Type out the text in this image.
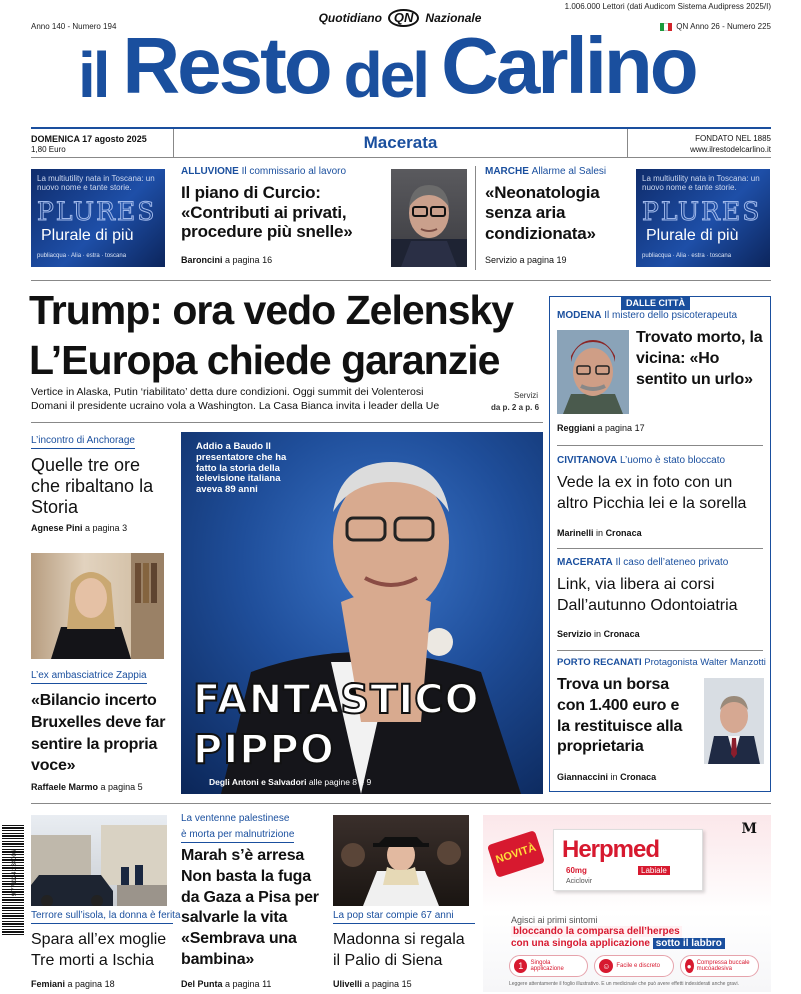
Anno 140 - Numero 194
1.006.000 Lettori (dati Audicom Sistema Audipress 2025/I)
Quotidiano QN	Nazionale
QN Anno 26 - Numero 225
il Resto del Carlino
DOMENICA 17 agosto 2025
1,80 Euro	Macerata	FONDATO NEL 1885
www.ilrestodelcarlino.it
La multiutility nata in Toscana: un nuovo nome e tante storie.
PLURES
Plurale di più
publiacqua · Alia · estra · toscana
ALLUVIONE Il commissario al lavoro
Il piano di Curcio: «Contributi ai privati, procedure più snelle»
Baroncini a pagina 16
MARCHE Allarme al Salesi
«Neonatologia senza aria condizionata»
Servizio a pagina 19
La multiutility nata in Toscana: un nuovo nome e tante storie.
PLURES
Plurale di più
publiacqua · Alia · estra · toscana
Trump: ora vedo Zelensky
L’Europa chiede garanzie
Vertice in Alaska, Putin ‘riabilitato’ detta dure condizioni. Oggi summit dei Volenterosi
Domani il presidente ucraino vola a Washington. La Casa Bianca invita i leader della Ue
Servizi
da p. 2 a p. 6
L’incontro di Anchorage
Quelle tre ore che ribaltano la Storia
Agnese Pini a pagina 3
L’ex ambasciatrice Zappia
«Bilancio incerto Bruxelles deve far sentire la propria voce»
Raffaele Marmo a pagina 5
Addio a Baudo Il presentatore che ha fatto la storia della televisione italiana aveva 89 anni
FANTASTICO
PIPPO
Degli Antoni e Salvadori alle pagine 8 e 9
DALLE CITTÀ
MODENA Il mistero dello psicoterapeuta
Trovato morto, la vicina: «Ho sentito un urlo»
Reggiani a pagina 17
CIVITANOVA L’uomo è stato bloccato
Vede la ex in foto con un altro Picchia lei e la sorella
Marinelli in Cronaca
MACERATA Il caso dell’ateneo privato
Link, via libera ai corsi Dall’autunno Odontoiatria
Servizio in Cronaca
PORTO RECANATI Protagonista Walter Manzotti
Trova un borsa con 1.400 euro e la restituisce alla proprietaria
Giannaccini in Cronaca
9 771124 234006
Terrore sull’isola, la donna è ferita
Spara all’ex moglie Tre morti a Ischia
Femiani a pagina 18
La ventenne palestinese
è morta per malnutrizione
Marah s’è arresa Non basta la fuga da Gaza a Pisa per salvarle la vita «Sembrava una bambina»
Del Punta a pagina 11
La pop star compie 67 anni
Madonna si regala il Palio di Siena
Ulivelli a pagina 15
NOVITÀ	Herpmed
60mg	Labiale
Aciclovir
M
Agisci ai primi sintomi
bloccando la comparsa dell’herpes
con una singola applicazione sotto il labbro
1	Singola applicazione	☺ Facile e discreto	● Compressa buccale mucoadesiva
Leggere attentamente il foglio illustrativo. È un medicinale che può avere effetti indesiderati anche gravi.
